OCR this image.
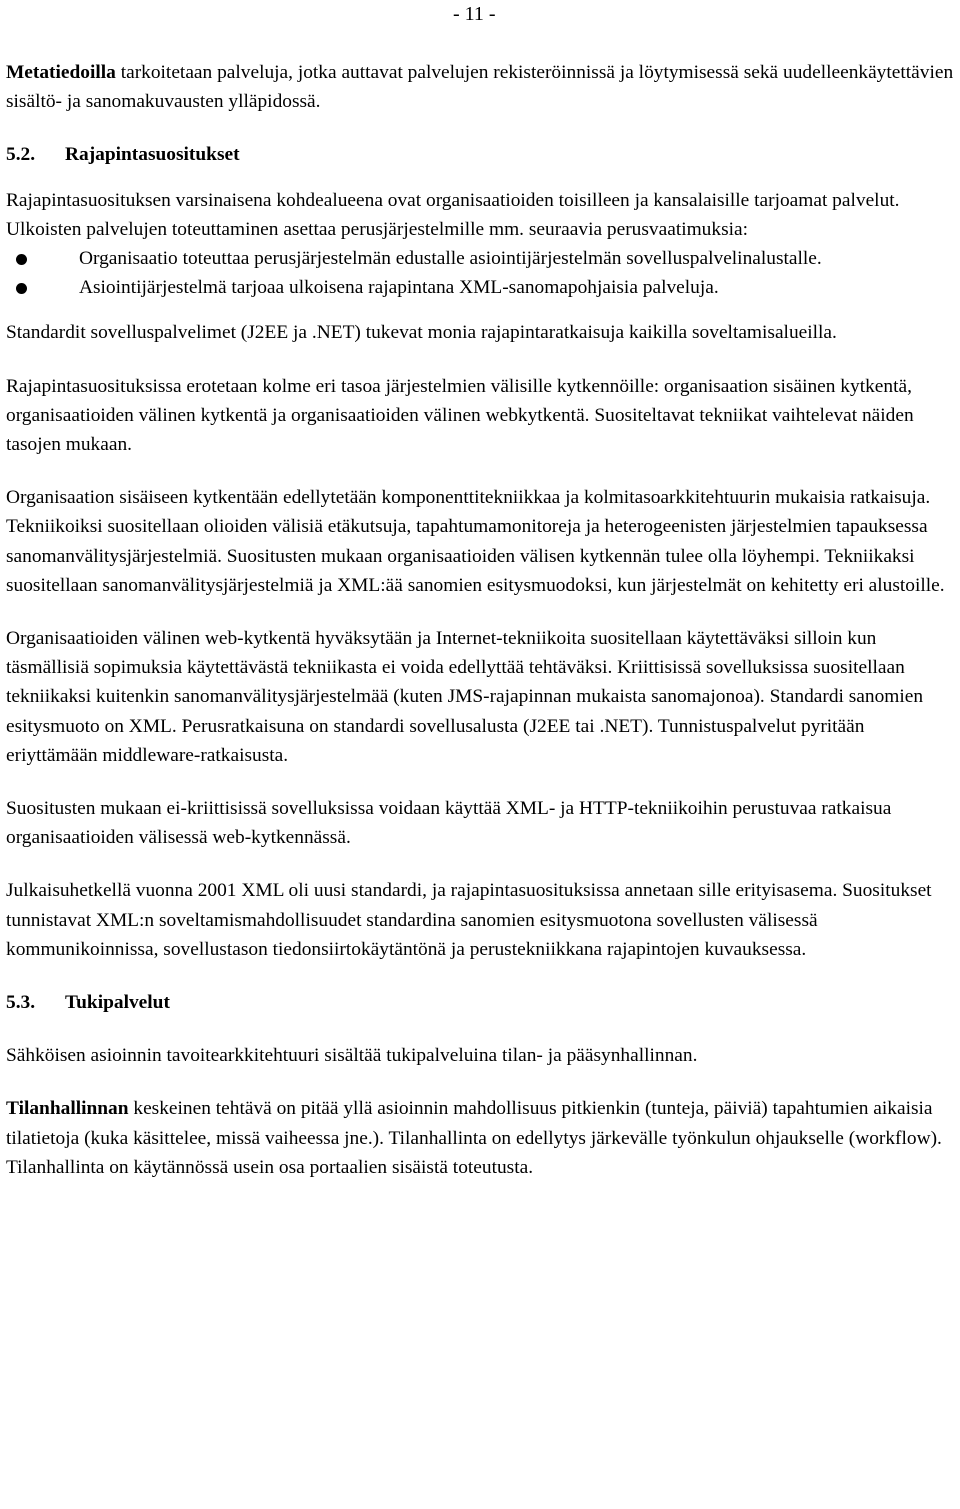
- 11 -

Metatiedoilla tarkoitetaan palveluja, jotka auttavat palvelujen rekisteröinnissä ja löytymisessä sekä uudelleenkäytettävien sisältö- ja sanomakuvausten ylläpidossä.

5.2.	Rajapintasuositukset

Rajapintasuosituksen varsinaisena kohdealueena ovat organisaatioiden toisilleen ja kansalaisille tarjoamat palvelut. Ulkoisten palvelujen toteuttaminen asettaa perusjärjestelmille mm. seuraavia perusvaatimuksia:

Organisaatio toteuttaa perusjärjestelmän edustalle asiointijärjestelmän sovelluspalvelinalustalle.
Asiointijärjestelmä tarjoaa ulkoisena rajapintana XML-sanomapohjaisia palveluja.

Standardit sovelluspalvelimet (J2EE ja .NET) tukevat monia rajapintaratkaisuja kaikilla soveltamisalueilla.

Rajapintasuosituksissa erotetaan kolme eri tasoa järjestelmien välisille kytkennöille: organisaation sisäinen kytkentä, organisaatioiden välinen kytkentä ja organisaatioiden välinen webkytkentä. Suositeltavat tekniikat vaihtelevat näiden tasojen mukaan.

Organisaation sisäiseen kytkentään edellytetään komponenttitekniikkaa ja kolmitasoarkkitehtuurin mukaisia ratkaisuja. Tekniikoiksi suositellaan olioiden välisiä etäkutsuja, tapahtumamonitoreja ja heterogeenisten järjestelmien tapauksessa sanomanvälitysjärjestelmiä. Suositusten mukaan organisaatioiden välisen kytkennän tulee olla löyhempi. Tekniikaksi suositellaan sanomanvälitysjärjestelmiä ja XML:ää sanomien esitysmuodoksi, kun järjestelmät on kehitetty eri alustoille.

Organisaatioiden välinen web-kytkentä hyväksytään ja Internet-tekniikoita suositellaan käytettäväksi silloin kun täsmällisiä sopimuksia käytettävästä tekniikasta ei voida edellyttää tehtäväksi. Kriittisissä sovelluksissa suositellaan tekniikaksi kuitenkin sanomanvälitysjärjestelmää (kuten JMS-rajapinnan mukaista sanomajonoa). Standardi sanomien esitysmuoto on XML. Perusratkaisuna on standardi sovellusalusta (J2EE tai .NET). Tunnistuspalvelut pyritään eriyttämään middleware-ratkaisusta.

Suositusten mukaan ei-kriittisissä sovelluksissa voidaan käyttää XML- ja HTTP-tekniikoihin perustuvaa ratkaisua organisaatioiden välisessä web-kytkennässä.

Julkaisuhetkellä vuonna 2001 XML oli uusi standardi, ja rajapintasuosituksissa annetaan sille erityisasema. Suositukset tunnistavat XML:n soveltamismahdollisuudet standardina sanomien esitysmuotona sovellusten välisessä kommunikoinnissa, sovellustason tiedonsiirtokäytäntönä ja perustekniikkana rajapintojen kuvauksessa.

5.3.	Tukipalvelut

Sähköisen asioinnin tavoitearkkitehtuuri sisältää tukipalveluina tilan- ja pääsynhallinnan.

Tilanhallinnan keskeinen tehtävä on pitää yllä asioinnin mahdollisuus pitkienkin (tunteja, päiviä) tapahtumien aikaisia tilatietoja (kuka käsittelee, missä vaiheessa jne.). Tilanhallinta on edellytys järkevälle työnkulun ohjaukselle (workflow). Tilanhallinta on käytännössä usein osa portaalien sisäistä toteutusta.
